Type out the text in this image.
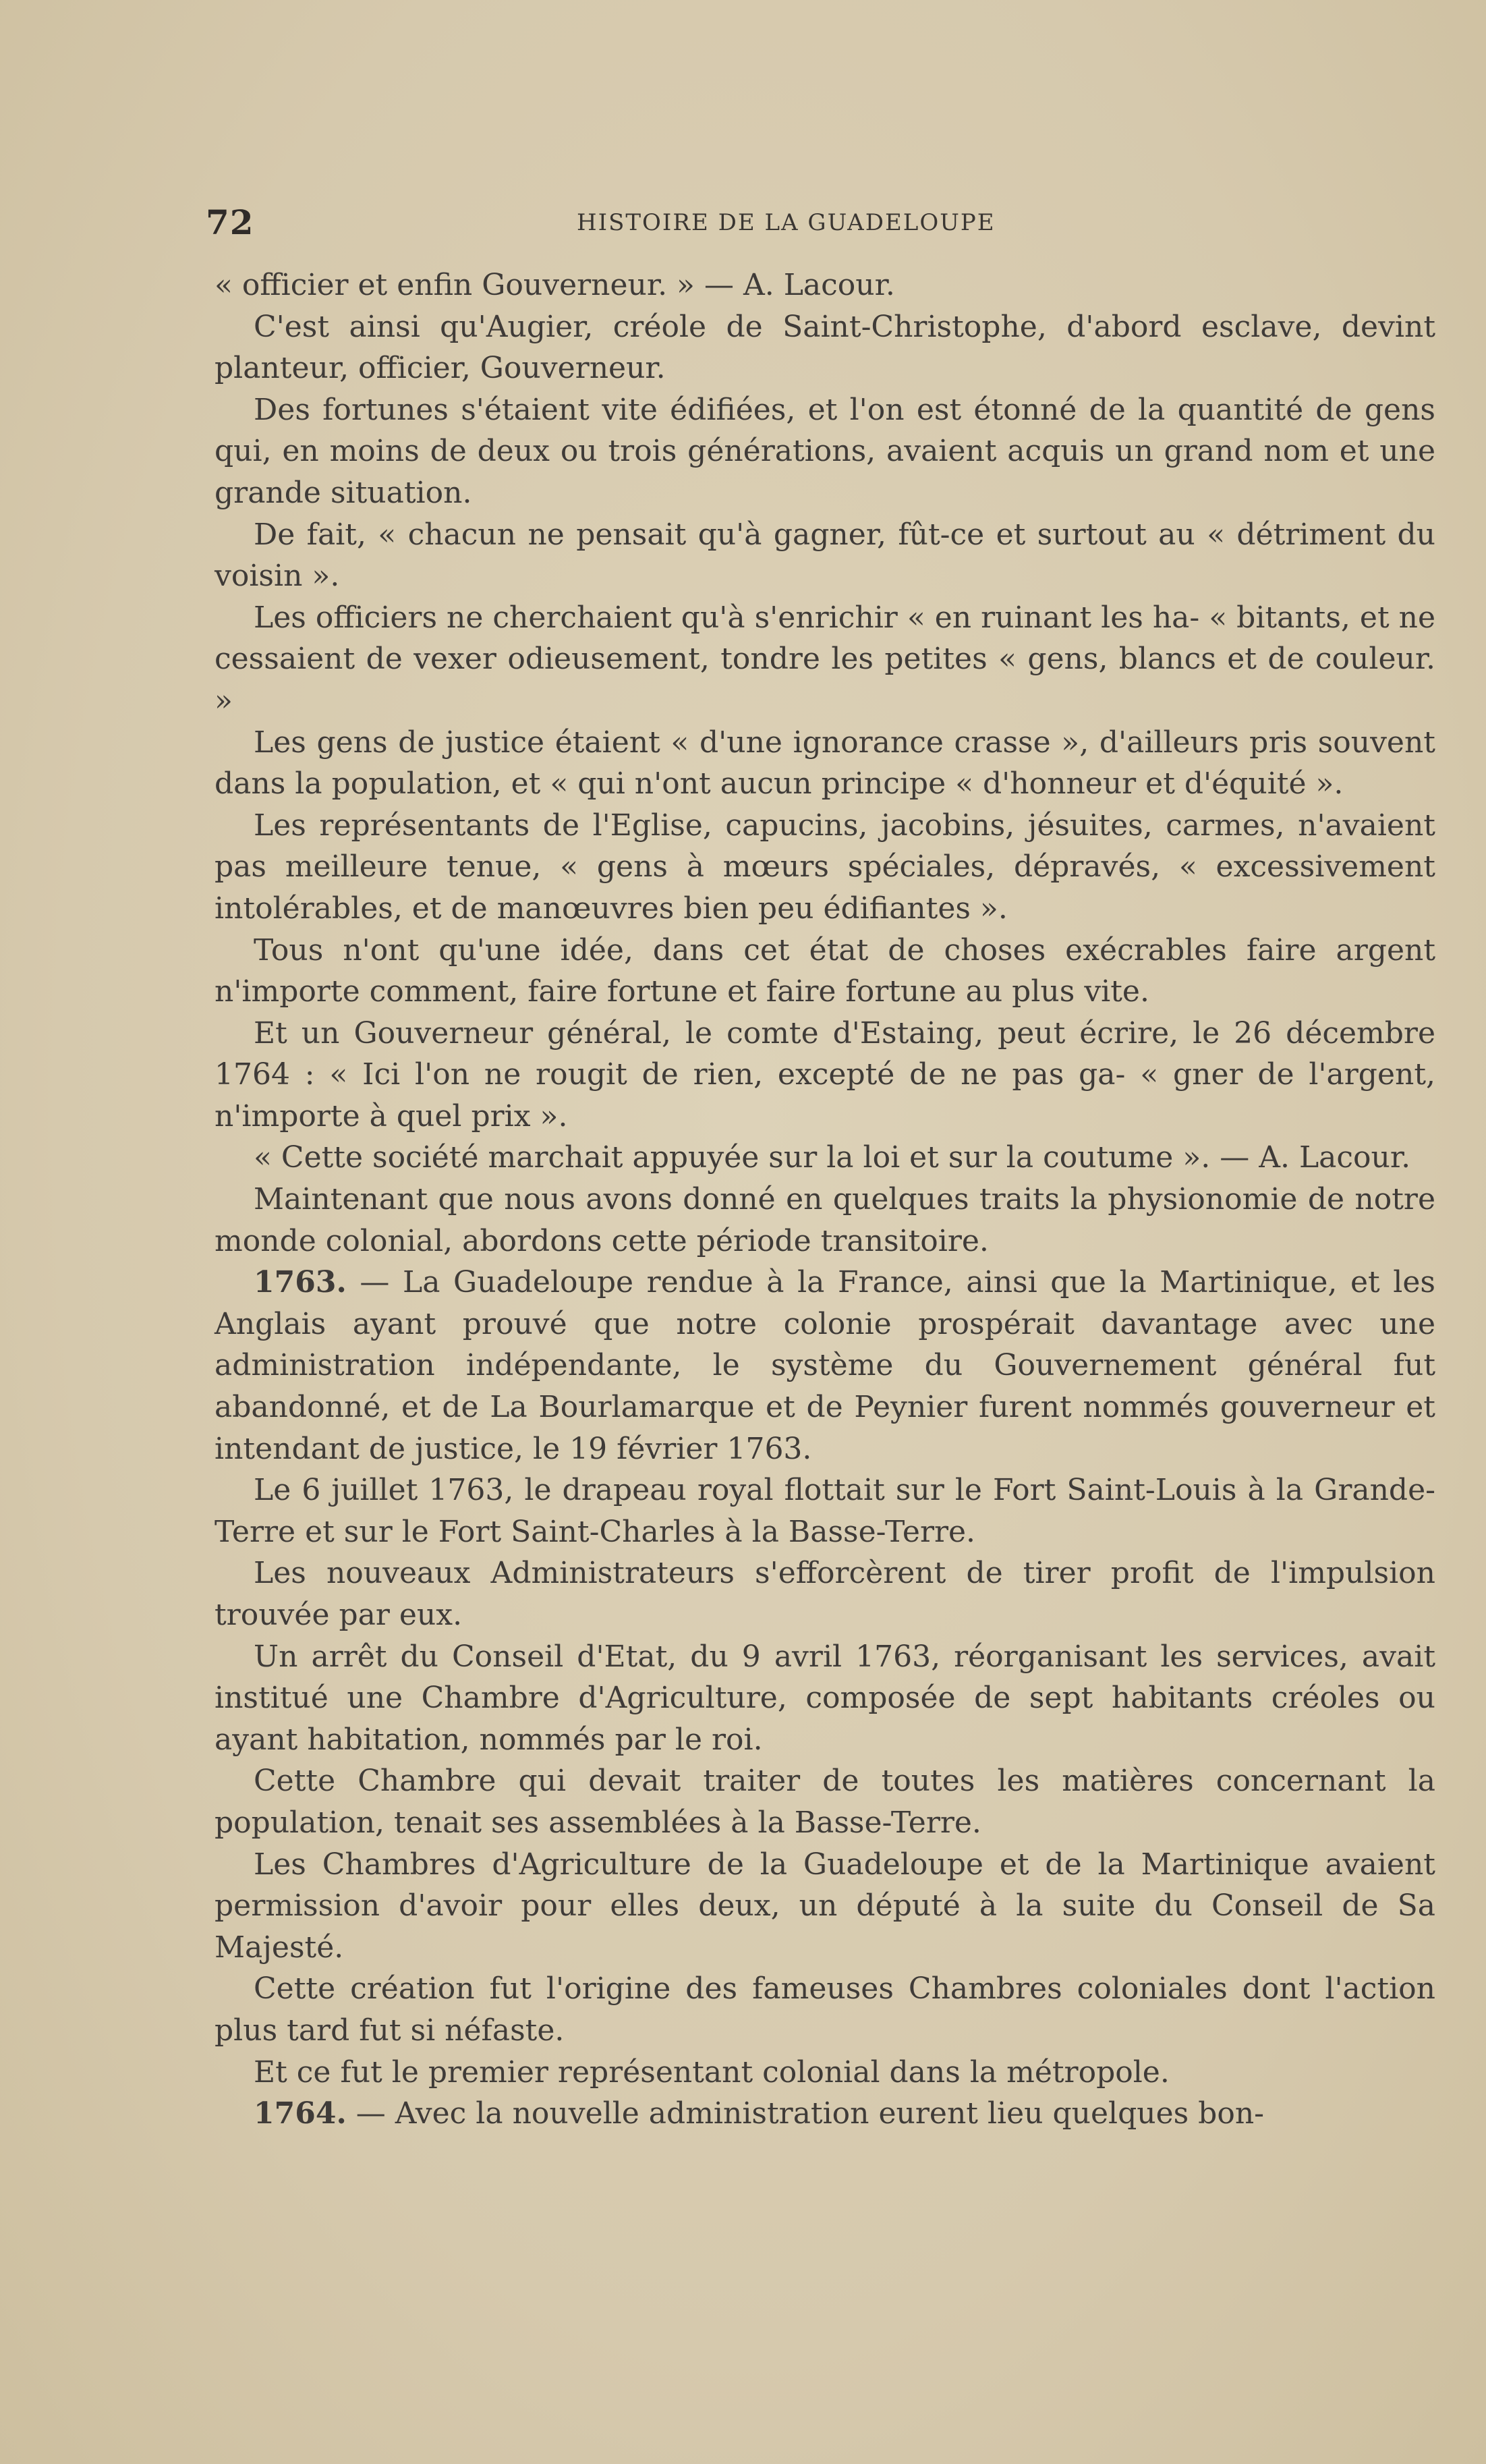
72	HISTOIRE DE LA GUADELOUPE

« officier et enfin Gouverneur. » — A. Lacour.

C'est ainsi qu'Augier, créole de Saint-Christophe, d'abord esclave, devint planteur, officier, Gouverneur.

Des fortunes s'étaient vite édifiées, et l'on est étonné de la quantité de gens qui, en moins de deux ou trois générations, avaient acquis un grand nom et une grande situation.

De fait, « chacun ne pensait qu'à gagner, fût-ce et surtout au « détriment du voisin ».

Les officiers ne cherchaient qu'à s'enrichir « en ruinant les ha- « bitants, et ne cessaient de vexer odieusement, tondre les petites « gens, blancs et de couleur. »

Les gens de justice étaient « d'une ignorance crasse », d'ailleurs pris souvent dans la population, et « qui n'ont aucun principe « d'honneur et d'équité ».

Les représentants de l'Eglise, capucins, jacobins, jésuites, carmes, n'avaient pas meilleure tenue, « gens à mœurs spéciales, dépravés, « excessivement intolérables, et de manœuvres bien peu édifiantes ».

Tous n'ont qu'une idée, dans cet état de choses exécrables faire argent n'importe comment, faire fortune et faire fortune au plus vite.

Et un Gouverneur général, le comte d'Estaing, peut écrire, le 26 décembre 1764 : « Ici l'on ne rougit de rien, excepté de ne pas ga- « gner de l'argent, n'importe à quel prix ».

« Cette société marchait appuyée sur la loi et sur la coutume ». — A. Lacour.

Maintenant que nous avons donné en quelques traits la physionomie de notre monde colonial, abordons cette période transitoire.

1763. — La Guadeloupe rendue à la France, ainsi que la Martinique, et les Anglais ayant prouvé que notre colonie prospérait davantage avec une administration indépendante, le système du Gouvernement général fut abandonné, et de La Bourlamarque et de Peynier furent nommés gouverneur et intendant de justice, le 19 février 1763.

Le 6 juillet 1763, le drapeau royal flottait sur le Fort Saint-Louis à la Grande-Terre et sur le Fort Saint-Charles à la Basse-Terre.

Les nouveaux Administrateurs s'efforcèrent de tirer profit de l'impulsion trouvée par eux.

Un arrêt du Conseil d'Etat, du 9 avril 1763, réorganisant les services, avait institué une Chambre d'Agriculture, composée de sept habitants créoles ou ayant habitation, nommés par le roi.

Cette Chambre qui devait traiter de toutes les matières concernant la population, tenait ses assemblées à la Basse-Terre.

Les Chambres d'Agriculture de la Guadeloupe et de la Martinique avaient permission d'avoir pour elles deux, un député à la suite du Conseil de Sa Majesté.

Cette création fut l'origine des fameuses Chambres coloniales dont l'action plus tard fut si néfaste.

Et ce fut le premier représentant colonial dans la métropole.

1764. — Avec la nouvelle administration eurent lieu quelques bon-
